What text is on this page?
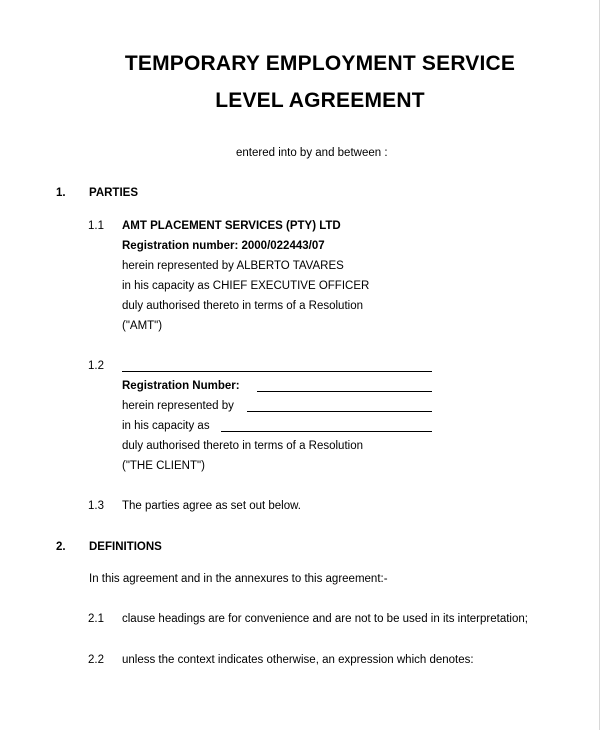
TEMPORARY EMPLOYMENT SERVICE
LEVEL AGREEMENT
entered into by and between :
1. PARTIES
1.1 AMT PLACEMENT SERVICES (PTY) LTD
Registration number: 2000/022443/07
herein represented by ALBERTO TAVARES
in his capacity as CHIEF EXECUTIVE OFFICER
duly authorised thereto in terms of a Resolution
("AMT")
1.2
Registration Number:
herein represented by
in his capacity as
duly authorised thereto in terms of a Resolution
("THE CLIENT")
1.3 The parties agree as set out below.
2. DEFINITIONS
In this agreement and in the annexures to this agreement:-
2.1 clause headings are for convenience and are not to be used in its interpretation;
2.2 unless the context indicates otherwise, an expression which denotes:
